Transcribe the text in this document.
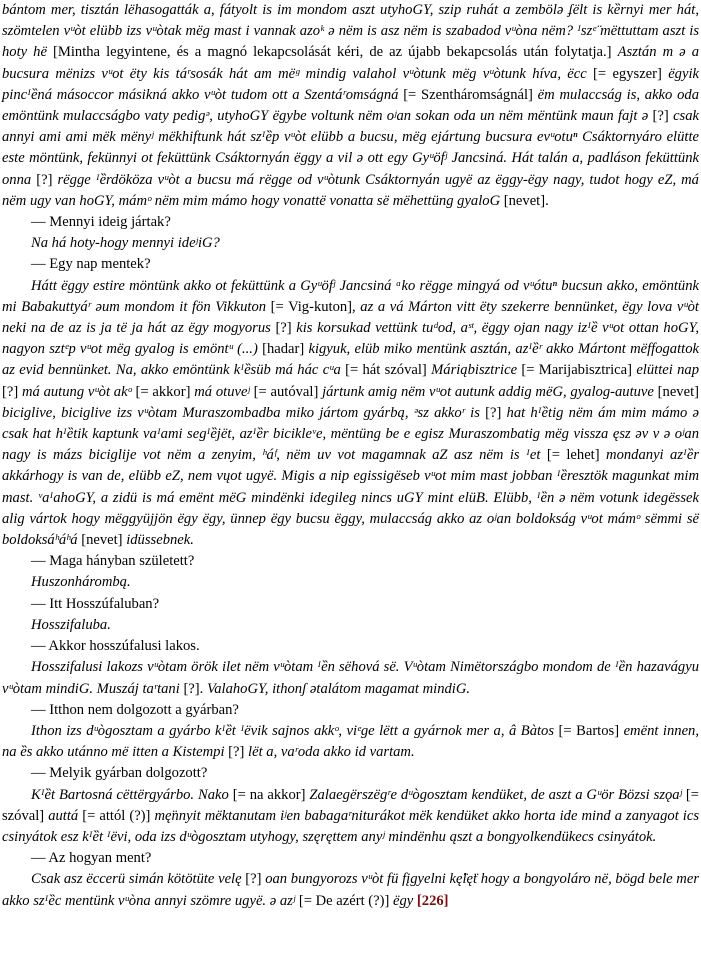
bántom mer, tisztán lëhasogatták a, fátyolt is im mondom aszt utyhoGY, szip ruhát a zembölə ʄëlt is kȅrnyi mer hát, szömtelen vᵘòt elübb izs vᵘòtak mëg mast i vannak azoᵏ ə nëm is asz nëm is szabadod vᵘòna nëm? ᴵszᵉ̈ mëttuttam aszt is hoty hë [Mintha legyintene, és a magnó lekapcsolását kéri, de az újabb bekapcsolás után folytatja.] Asztán m ə a bucsura mënizs vᵘot ëty kis táʳsosák hát am mëᵍ mindig valahol vᵘòtunk mëg vᵘòtunk híva, ëcc [= egyszer] ëgyik pincᴵȅná másoccor másikná akko vᵘòt tudom ott a Szentáʳomságná [= Szentháromságnál] ëm mulaccság is, akko oda emöntünk mulaccságbo vaty pedigᵊ, utyhoGY ëgybe voltunk nëm oʲan sokan oda un nëm mëntünk maun fajt ə [?] csak annyi ami ami mëk mënyʲ mëkhiftunk hát szᴵȅp vᵘòt elübb a bucsu, mëg ejártung bucsura evᵘotuⁿ Csáktornyáro elütte este möntünk, fekünnyi ot feküttünk Csáktornyán ëggy a vil ə ott egy Gyᵘöfʲ Jancsiná. Hát talán a, padláson feküttünk onna [?] rëgge ᴵȅrdököza vᵘòt a bucsu má rëgge od vᵘòtunk Csáktornyán ugyë az ëggy-ëgy nagy, tudot hogy eZ, má nëm ugy van hoGY, mámᵒ nëm mim mámo hogy vonattë vonatta së mëhettüng gyaloG [nevet].

— Mennyi ideig jártak?

Na há hoty-hogy mennyi ideʲiG?

— Egy nap mentek?

Hátt ëggy estire möntünk akko ot feküttünk a Gyᵘöfʲ Jancsiná ᵃko rëgge mingyá od vᵘótuⁿ bucsun akko, emöntünk mi Babakuttyáʳ əum mondom it fön Vikkuton [= Vig-kuton], az a vá Márton vitt ëty szekerre bennünket, ëgy lova vᵘòt neki na de az is ja të ja hát az ëgy mogyorus [?] kis korsukad vettünk tuᵈod, aˢᵗ, ëggy ojan nagy izᴵȅ vᵘot ottan hoGY, nagyon sztᵉp vᵘot mëg gyalog is emöntᵘ (...) [hadar] kigyuk, elüb miko mentünk asztán, azᴵȅʳ akko Mártont mëffogattok az evid bennünket. Na, akko emöntünk kᴵȅsüb má hác cᵘa [= hát szóval] Máriąbisztrice [= Marijabisztrica] elüttei nap [?] má autung vᵘòt akᵒ [= akkor] má otuveʲ [= autóval] jártunk amig nëm vᵘot autunk addig mëG, gyalog-autuve [nevet] biciglive, biciglive izs vᵘòtam Muraszombadba miko jártom gyárbą, ᵊsz akkoʳ is [?] hat hᴵȅtig nëm ám mim mámo ə csak hat hᴵȅtik kaptunk vaᴵami segᴵȅjët, azᴵȅr bicikleᵛe, mëntüng be e egisz Muraszombatig mëg vissza ęsz əv v ə oʲan nagy is mázs biciglije vot nëm a zenyim, ʰáᶠ, nëm uv vot magamnak aZ asz nëm is ᴵet [= lehet] mondanyi azᴵȅr akkárhogy is van de, elübb eZ, nem vųot ugyë. Migis a nip egissigëseb vᵘot mim mast jobban ᴵȅresztök magunkat mim mast. ᵛaᴵahoGY, a zidü is má emënt mëG mindënki idegileg nincs uGY mint elüB. Elübb, ᴵȅn ə nëm votunk idegëssek alig vártok hogy mëggyüjjön ëgy ëgy, ünnep ëgy bucsu ëggy, mulaccság akko az oʲan boldokság vᵘot mámᵒ sëmmi së boldoksáʰáʰá [nevet] idüssebnek.

— Maga hányban született?

Huszonhárombą.

— Itt Hosszúfaluban?

Hosszifaluba.

— Akkor hosszúfalusi lakos.

Hosszifalusi lakozs vᵘòtam örök ilet nëm vᵘòtam ᴵȅn sëhová së. Vᵘòtam Nimëtországbo mondom de ᴵȅn hazavágyu vᵘòtam mindiG. Muszáj taʳtani [?]. ValahoGY, ithonʃ ətalátom magamat mindiG.

— Itthon nem dolgozott a gyárban?

Ithon izs dᵘògosztam a gyárbo kᴵȅt ᴵëvik sajnos akkᵒ, viᵉge lëtt a gyárnok mer a, â Bàtos [= Bartos] emënt innen, na ȅs akko utánno më itten a Kistempi [?] lët a, vaʳoda akko id vartam.

— Melyik gyárban dolgozott?

Kᴵȅt Bartosná cëttërgyárbo. Nako [= na akkor] Zalaegërszëgʳe dᵘògosztam kendüket, de aszt a Gᵘör Bözsi szǫaʲ [= szóval] auttá [= attól (?)] mę̈nnyit mëktanutam iʲen babagaʳniturákot mëk kendüket akko horta ide mind a zanyagot ics csinyátok esz kᴵȅt ᴵëvi, oda izs dᵘògosztam utyhogy, szęręttem anyʲ mindënhu ąszt a bongyolkendükecs csinyátok.

— Az hogyan ment?

Csak asz ëccerü simán kötötüte velę [?] oan bungyorozs vᵘòt fü fįgyelni kę̈lę̈t hogy a bongyoláro në, bögd bele mer akko szᴵȅc mentünk vᵘòna annyi szömre ugyë. ə azʲ [= De azért (?)] ëgy [226]
